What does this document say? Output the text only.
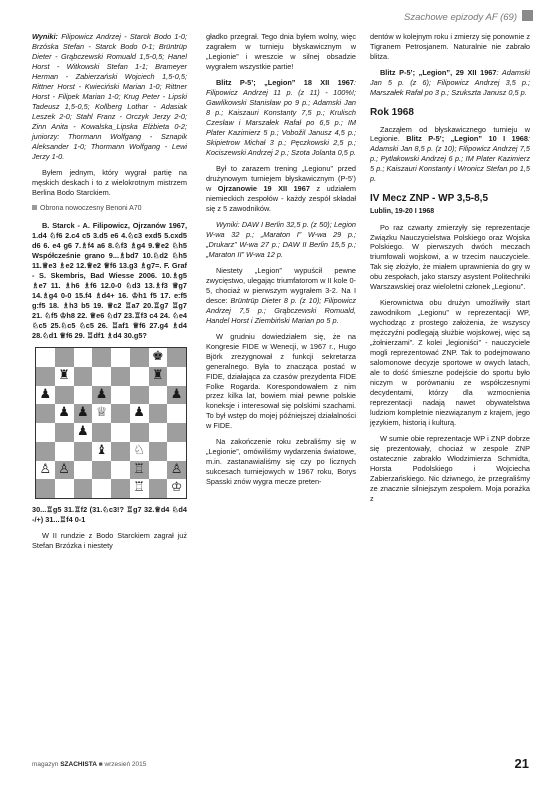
Szachowe epizody AF (69)

Wyniki: Filipowicz Andrzej - Starck Bodo 1-0; Brzóska Stefan - Starck Bodo 0-1; Brüntrüp Dieter - Grąbczewski Romuald 1,5-0,5; Hanel Horst - Witkowski Stefan 1-1; Brameyer Herman - Zabierzański Wojciech 1,5-0,5; Rittner Horst - Kwieciński Marian 1-0; Rittner Horst - Filipek Marian 1-0; Krug Peter - Lipski Tadeusz 1,5-0,5; Kollberg Lothar - Adasiak Leszek 2-0; Stahl Franz - Orczyk Jerzy 2-0; Zinn Anita - Kowalska_Lipska Elżbieta 0-2; juniorzy: Thormann Wolfgang - Sznapik Aleksander 1-0; Thormann Wolfgang - Lewi Jerzy 1-0.

Byłem jednym, który wygrał partię na męskich deskach i to z wielokrotnym mistrzem Berlina Bodo Starckiem.

Obrona nowoczesny Benoni A70

B. Starck - A. Filipowicz, Ojrzanów 1967, 1.d4 ♘f6 2.c4 c5 3.d5 e6 4.♘c3 exd5 5.cxd5 d6 6. e4 g6 7.♗f4 a6 8.♘f3 ♗g4 9.♕e2 ♘h5 Współcześnie grano 9...♗bd7 10.♘d2 ♘h5 11.♕e3 ♗e2 12.♕e2 ♕f6 13.g3 ♗g7=. F. Graf - S. Skembris, Bad Wiesse 2006. 10.♗g5 ♗e7 11. ♗h6 ♗f6 12.0-0 ♘d3 13.♗f3 ♕g7 14.♗g4 0-0 15.f4 ♗d4+ 16. ♔h1 f5 17. e:f5 g:f5 18. ♗h3 b5 19. ♕c2 ♖a7 20.♖g7 ♖g7 21. ♘f5 ♔h8 22. ♕e6 ♘d7 23.♖f3 c4 24. ♘e4 ♘c5 25.♘c5 ♘c5 26. ♖af1 ♕f6 27.g4 ♗d4 28.♘d1 ♕f6 29. ♖df1 ♗d4 30.g5?

♚
♜	♜
♟	♟	♟
♟ ♟ ♕ ♟
♟
♝ ♘
♙ ♙	♖ ♙
♖ ♔

30...♖g5 31.♖f2 (31.♘c3!? ♖g7 32.♕d4 ♘d4 -/+) 31...♖f4 0-1

W II rundzie z Bodo Starckiem zagrał już Stefan Brzózka i niestety

gładko przegrał. Tego dnia byłem wolny, więc zagrałem w turnieju błyskawicznym w „Legionie” i wreszcie w silnej obsadzie wygrałem wszystkie partie!

Blitz P-5’; „Legion” 18 XII 1967: Filipowicz Andrzej 11 p. (z 11) - 100%!; Gawlikowski Stanisław po 9 p.; Adamski Jan 8 p.; Kaiszauri Konstanty 7,5 p.; Krulisch Czesław i Marszałek Rafał po 6,5 p.; IM Plater Kazimierz 5 p.; Vobožil Janusz 4,5 p.; Skipietrow Michał 3 p.; Pęczkowski 2,5 p.; Kociszewski Andrzej 2 p.; Szota Jolanta 0,5 p.

Był to zarazem trening „Legionu” przed drużynowym turniejem błyskawicznym (P-5’) w Ojrzanowie 19 XII 1967 z udziałem niemieckich zespołów - każdy zespół składał się z 5 zawodników.

Wyniki: DAW I Berlin 32,5 p. (z 50); Legion W-wa 32 p.; „Maraton I” W-wa 29 p.; „Drukarz” W-wa 27 p.; DAW II Berlin 15,5 p.; „Maraton II” W-wa 12 p.

Niestety „Legion” wypuścił pewne zwycięstwo, ulegając triumfatorom w II kole 0-5, chociaż w pierwszym wygrałem 3-2. Na I desce: Brüntrüp Dieter 8 p. (z 10); Filipowicz Andrzej 7,5 p.; Grąbczewski Romuald, Handel Horst i Ziembiński Marian po 5 p.

W grudniu dowiedziałem się, że na Kongresie FIDE w Wenecji, w 1967 r., Hugo Björk zrezygnował z funkcji sekretarza generalnego. Była to znacząca postać w FIDE, działająca za czasów prezydenta FIDE Folke Rogarda. Korespondowałem z nim przez kilka lat, bowiem miał pewne polskie koneksje i interesował się polskimi szachami. To był wstęp do mojej późniejszej działalności w FIDE.

Na zakończenie roku zebraliśmy się w „Legionie”, omówiliśmy wydarzenia światowe, m.in. zastanawialiśmy się czy po licznych sukcesach turniejowych w 1967 roku, Borys Spasski znów wygra mecze preten-

dentów w kolejnym roku i zmierzy się ponownie z Tigranem Petrosjanem. Naturalnie nie zabrało blitza.

Blitz P-5’; „Legion”, 29 XII 1967: Adamski Jan 5 p. (z 6); Filipowicz Andrzej 3,5 p.; Marszałek Rafał po 3 p.; Szukszta Janusz 0,5 p.

Rok 1968

Zacząłem od błyskawicznego turnieju w Legionie. Blitz P-5’; „Legion” 10 I 1968: Adamski Jan 8,5 p. (z 10); Filipowicz Andrzej 7,5 p.; Pytlakowski Andrzej 6 p.; IM Plater Kazimierz 5 p.; Kaiszauri Konstanty i Wronicz Stefan po 1,5 p.

IV Mecz ZNP - WP 3,5-8,5
Lublin, 19-20 I 1968

Po raz czwarty zmierzyły się reprezentacje Związku Nauczycielstwa Polskiego oraz Wojska Polskiego. W pierwszych dwóch meczach triumfowali wojskowi, a w trzecim nauczyciele. Tak się złożyło, że miałem uprawnienia do gry w obu zespołach, jako starszy asystent Politechniki Warszawskiej oraz wieloletni członek „Legionu”.

Kierownictwa obu drużyn umożliwiły start zawodnikom „Legionu” w reprezentacji WP, wychodząc z prostego założenia, że wszyscy mężczyźni podlegają służbie wojskowej, więc są „żołnierzami”. Z kolei „legioniści” - nauczyciele mogli reprezentować ZNP. Tak to podejmowano salomonowe decyzje sportowe w owych latach, ale to dość śmieszne podejście do sportu było niczym w porównaniu ze współczesnymi decydentami, którzy dla wzmocnienia reprezentacji nadają nawet obywatelstwa ludziom kompletnie niezwiązanym z krajem, jego językiem, historią i kulturą.

W sumie obie reprezentacje WP i ZNP dobrze się prezentowały, chociaż w zespole ZNP ostatecznie zabrakło Włodzimierza Schmidta, Horsta Podolskiego i Wojciecha Zabierzańskiego. Nic dziwnego, że przegraliśmy ze znacznie silniejszym zespołem. Moja porażka z

magazyn SZACHISTA ■ wrzesień 2015	21
